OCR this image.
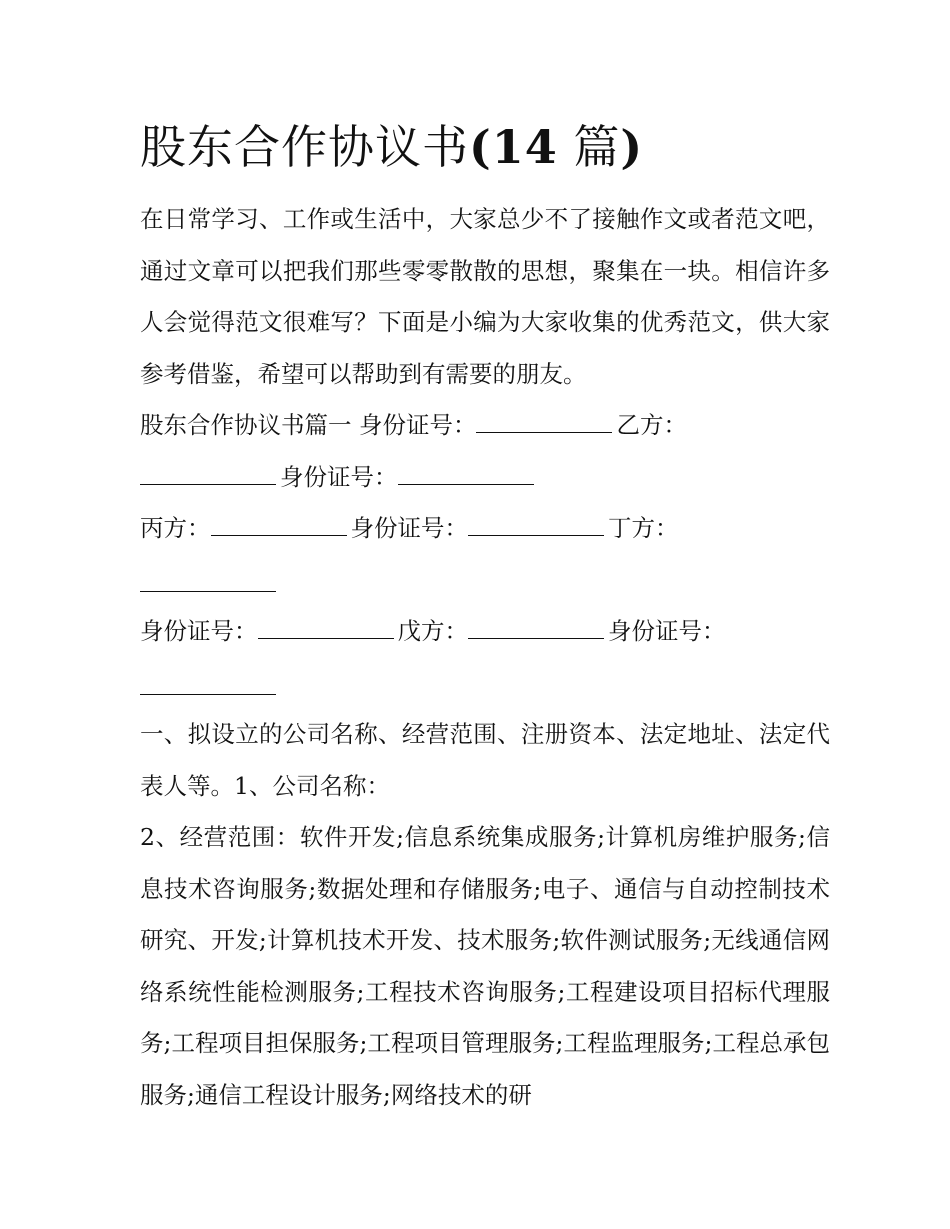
股东合作协议书(14 篇)

在日常学习、工作或生活中，大家总少不了接触作文或者范文吧，通过文章可以把我们那些零零散散的思想，聚集在一块。相信许多人会觉得范文很难写？下面是小编为大家收集的优秀范文，供大家参考借鉴，希望可以帮助到有需要的朋友。

股东合作协议书篇一 身份证号：	乙方：

身份证号：

丙方：	身份证号：	丁方：

身份证号：	戊方：	身份证号：

一、拟设立的公司名称、经营范围、注册资本、法定地址、法定代表人等。1、公司名称：

2、经营范围：软件开发;信息系统集成服务;计算机房维护服务;信息技术咨询服务;数据处理和存储服务;电子、通信与自动控制技术研究、开发;计算机技术开发、技术服务;软件测试服务;无线通信网络系统性能检测服务;工程技术咨询服务;工程建设项目招标代理服务;工程项目担保服务;工程项目管理服务;工程监理服务;工程总承包服务;通信工程设计服务;网络技术的研
